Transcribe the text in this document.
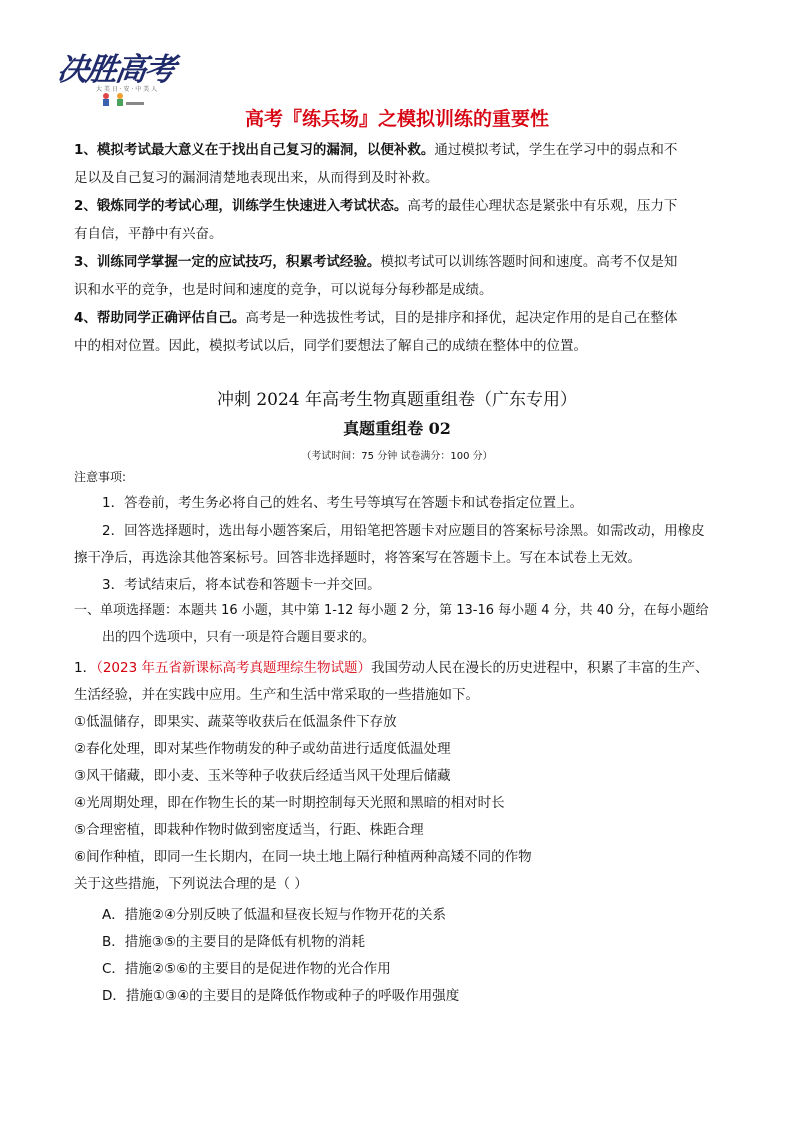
决胜高考
大 美 日 · 安 · 中 美 人
高考『练兵场』之模拟训练的重要性
1、模拟考试最大意义在于找出自己复习的漏洞，以便补救。通过模拟考试，学生在学习中的弱点和不
足以及自己复习的漏洞清楚地表现出来，从而得到及时补救。
2、锻炼同学的考试心理，训练学生快速进入考试状态。高考的最佳心理状态是紧张中有乐观，压力下
有自信，平静中有兴奋。
3、训练同学掌握一定的应试技巧，积累考试经验。模拟考试可以训练答题时间和速度。高考不仅是知
识和水平的竞争，也是时间和速度的竞争，可以说每分每秒都是成绩。
4、帮助同学正确评估自己。高考是一种选拔性考试，目的是排序和择优，起决定作用的是自己在整体
中的相对位置。因此，模拟考试以后，同学们要想法了解自己的成绩在整体中的位置。
冲刺 2024 年高考生物真题重组卷（广东专用）
真题重组卷 02
（考试时间：75 分钟 试卷满分：100 分）
注意事项:
1．答卷前，考生务必将自己的姓名、考生号等填写在答题卡和试卷指定位置上。
2．回答选择题时，选出每小题答案后，用铅笔把答题卡对应题目的答案标号涂黑。如需改动，用橡皮
擦干净后，再选涂其他答案标号。回答非选择题时，将答案写在答题卡上。写在本试卷上无效。
3．考试结束后，将本试卷和答题卡一并交回。
一、单项选择题：本题共 16 小题，其中第 1-12 每小题 2 分，第 13-16 每小题 4 分，共 40 分，在每小题给
出的四个选项中，只有一项是符合题目要求的。
1．（2023 年五省新课标高考真题理综生物试题）我国劳动人民在漫长的历史进程中，积累了丰富的生产、
生活经验，并在实践中应用。生产和生活中常采取的一些措施如下。
①低温储存，即果实、蔬菜等收获后在低温条件下存放
②春化处理，即对某些作物萌发的种子或幼苗进行适度低温处理
③风干储藏，即小麦、玉米等种子收获后经适当风干处理后储藏
④光周期处理，即在作物生长的某一时期控制每天光照和黑暗的相对时长
⑤合理密植，即栽种作物时做到密度适当，行距、株距合理
⑥间作种植，即同一生长期内，在同一块土地上隔行种植两种高矮不同的作物
关于这些措施，下列说法合理的是（ ）
A．措施②④分别反映了低温和昼夜长短与作物开花的关系
B．措施③⑤的主要目的是降低有机物的消耗
C．措施②⑤⑥的主要目的是促进作物的光合作用
D．措施①③④的主要目的是降低作物或种子的呼吸作用强度
